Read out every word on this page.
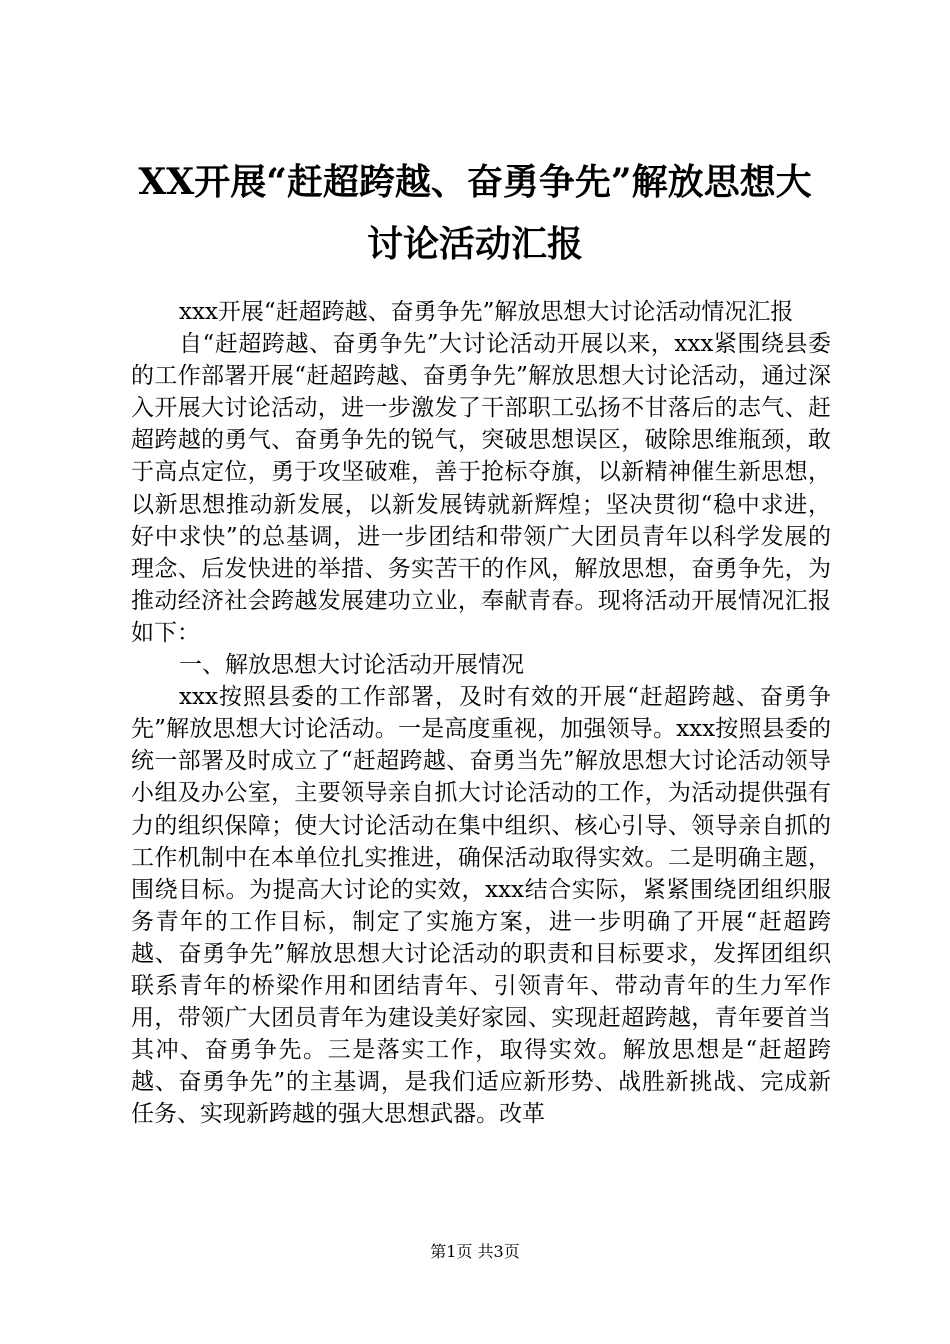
XX开展“赶超跨越、奋勇争先”解放思想大
讨论活动汇报

xxx开展“赶超跨越、奋勇争先”解放思想大讨论活动情况汇报

自“赶超跨越、奋勇争先”大讨论活动开展以来，xxx紧围绕县委的工作部署开展“赶超跨越、奋勇争先”解放思想大讨论活动，通过深入开展大讨论活动，进一步激发了干部职工弘扬不甘落后的志气、赶超跨越的勇气、奋勇争先的锐气，突破思想误区，破除思维瓶颈，敢于高点定位，勇于攻坚破难，善于抢标夺旗，以新精神催生新思想，以新思想推动新发展，以新发展铸就新辉煌；坚决贯彻“稳中求进，好中求快”的总基调，进一步团结和带领广大团员青年以科学发展的理念、后发快进的举措、务实苦干的作风，解放思想，奋勇争先，为推动经济社会跨越发展建功立业，奉献青春。现将活动开展情况汇报如下：

一、解放思想大讨论活动开展情况

xxx按照县委的工作部署，及时有效的开展“赶超跨越、奋勇争先”解放思想大讨论活动。一是高度重视，加强领导。xxx按照县委的统一部署及时成立了“赶超跨越、奋勇当先”解放思想大讨论活动领导小组及办公室，主要领导亲自抓大讨论活动的工作，为活动提供强有力的组织保障；使大讨论活动在集中组织、核心引导、领导亲自抓的工作机制中在本单位扎实推进，确保活动取得实效。二是明确主题，围绕目标。为提高大讨论的实效，xxx结合实际，紧紧围绕团组织服务青年的工作目标，制定了实施方案，进一步明确了开展“赶超跨越、奋勇争先”解放思想大讨论活动的职责和目标要求，发挥团组织联系青年的桥梁作用和团结青年、引领青年、带动青年的生力军作用，带领广大团员青年为建设美好家园、实现赶超跨越，青年要首当其冲、奋勇争先。三是落实工作，取得实效。解放思想是“赶超跨越、奋勇争先”的主基调，是我们适应新形势、战胜新挑战、完成新任务、实现新跨越的强大思想武器。改革

第1页 共3页
